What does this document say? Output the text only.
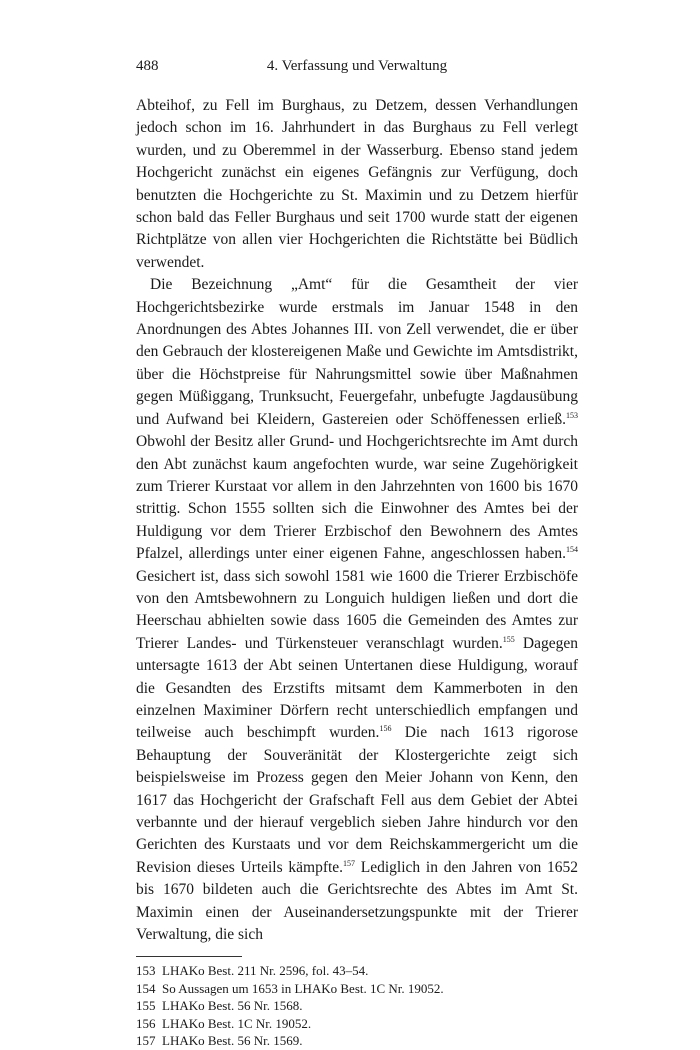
488	4. Verfassung und Verwaltung

Abteihof, zu Fell im Burghaus, zu Detzem, dessen Verhandlungen jedoch schon im 16. Jahrhundert in das Burghaus zu Fell verlegt wurden, und zu Oberemmel in der Wasserburg. Ebenso stand jedem Hochgericht zunächst ein eigenes Gefängnis zur Verfügung, doch benutzten die Hochgerichte zu St. Maximin und zu Detzem hierfür schon bald das Feller Burghaus und seit 1700 wurde statt der eigenen Richtplätze von allen vier Hochgerichten die Richtstätte bei Büdlich verwendet.

Die Bezeichnung „Amt“ für die Gesamtheit der vier Hochgerichtsbezirke wurde erstmals im Januar 1548 in den Anordnungen des Abtes Johannes III. von Zell verwendet, die er über den Gebrauch der klostereigenen Maße und Gewichte im Amtsdistrikt, über die Höchstpreise für Nahrungsmittel sowie über Maßnahmen gegen Müßiggang, Trunksucht, Feuergefahr, unbefugte Jagdausübung und Aufwand bei Kleidern, Gastereien oder Schöffenessen erließ.$^{153}$ Obwohl der Besitz aller Grund- und Hochgerichtsrechte im Amt durch den Abt zunächst kaum angefochten wurde, war seine Zugehörigkeit zum Trierer Kurstaat vor allem in den Jahrzehnten von 1600 bis 1670 strittig. Schon 1555 sollten sich die Einwohner des Amtes bei der Huldigung vor dem Trierer Erzbischof den Bewohnern des Amtes Pfalzel, allerdings unter einer eigenen Fahne, angeschlossen haben.$^{154}$ Gesichert ist, dass sich sowohl 1581 wie 1600 die Trierer Erzbischöfe von den Amtsbewohnern zu Longuich huldigen ließen und dort die Heerschau abhielten sowie dass 1605 die Gemeinden des Amtes zur Trierer Landes- und Türkensteuer veranschlagt wurden.$^{155}$ Dagegen untersagte 1613 der Abt seinen Untertanen diese Huldigung, worauf die Gesandten des Erzstifts mitsamt dem Kammerboten in den einzelnen Maximiner Dörfern recht unterschiedlich empfangen und teilweise auch beschimpft wurden.$^{156}$ Die nach 1613 rigorose Behauptung der Souveränität der Klostergerichte zeigt sich beispielsweise im Prozess gegen den Meier Johann von Kenn, den 1617 das Hochgericht der Grafschaft Fell aus dem Gebiet der Abtei verbannte und der hierauf vergeblich sieben Jahre hindurch vor den Gerichten des Kurstaats und vor dem Reichskammergericht um die Revision dieses Urteils kämpfte.$^{157}$ Lediglich in den Jahren von 1652 bis 1670 bildeten auch die Gerichtsrechte des Abtes im Amt St. Maximin einen der Auseinandersetzungspunkte mit der Trierer Verwaltung, die sich

153 LHAKo Best. 211 Nr. 2596, fol. 43–54.
154 So Aussagen um 1653 in LHAKo Best. 1C Nr. 19052.
155 LHAKo Best. 56 Nr. 1568.
156 LHAKo Best. 1C Nr. 19052.
157 LHAKo Best. 56 Nr. 1569.
